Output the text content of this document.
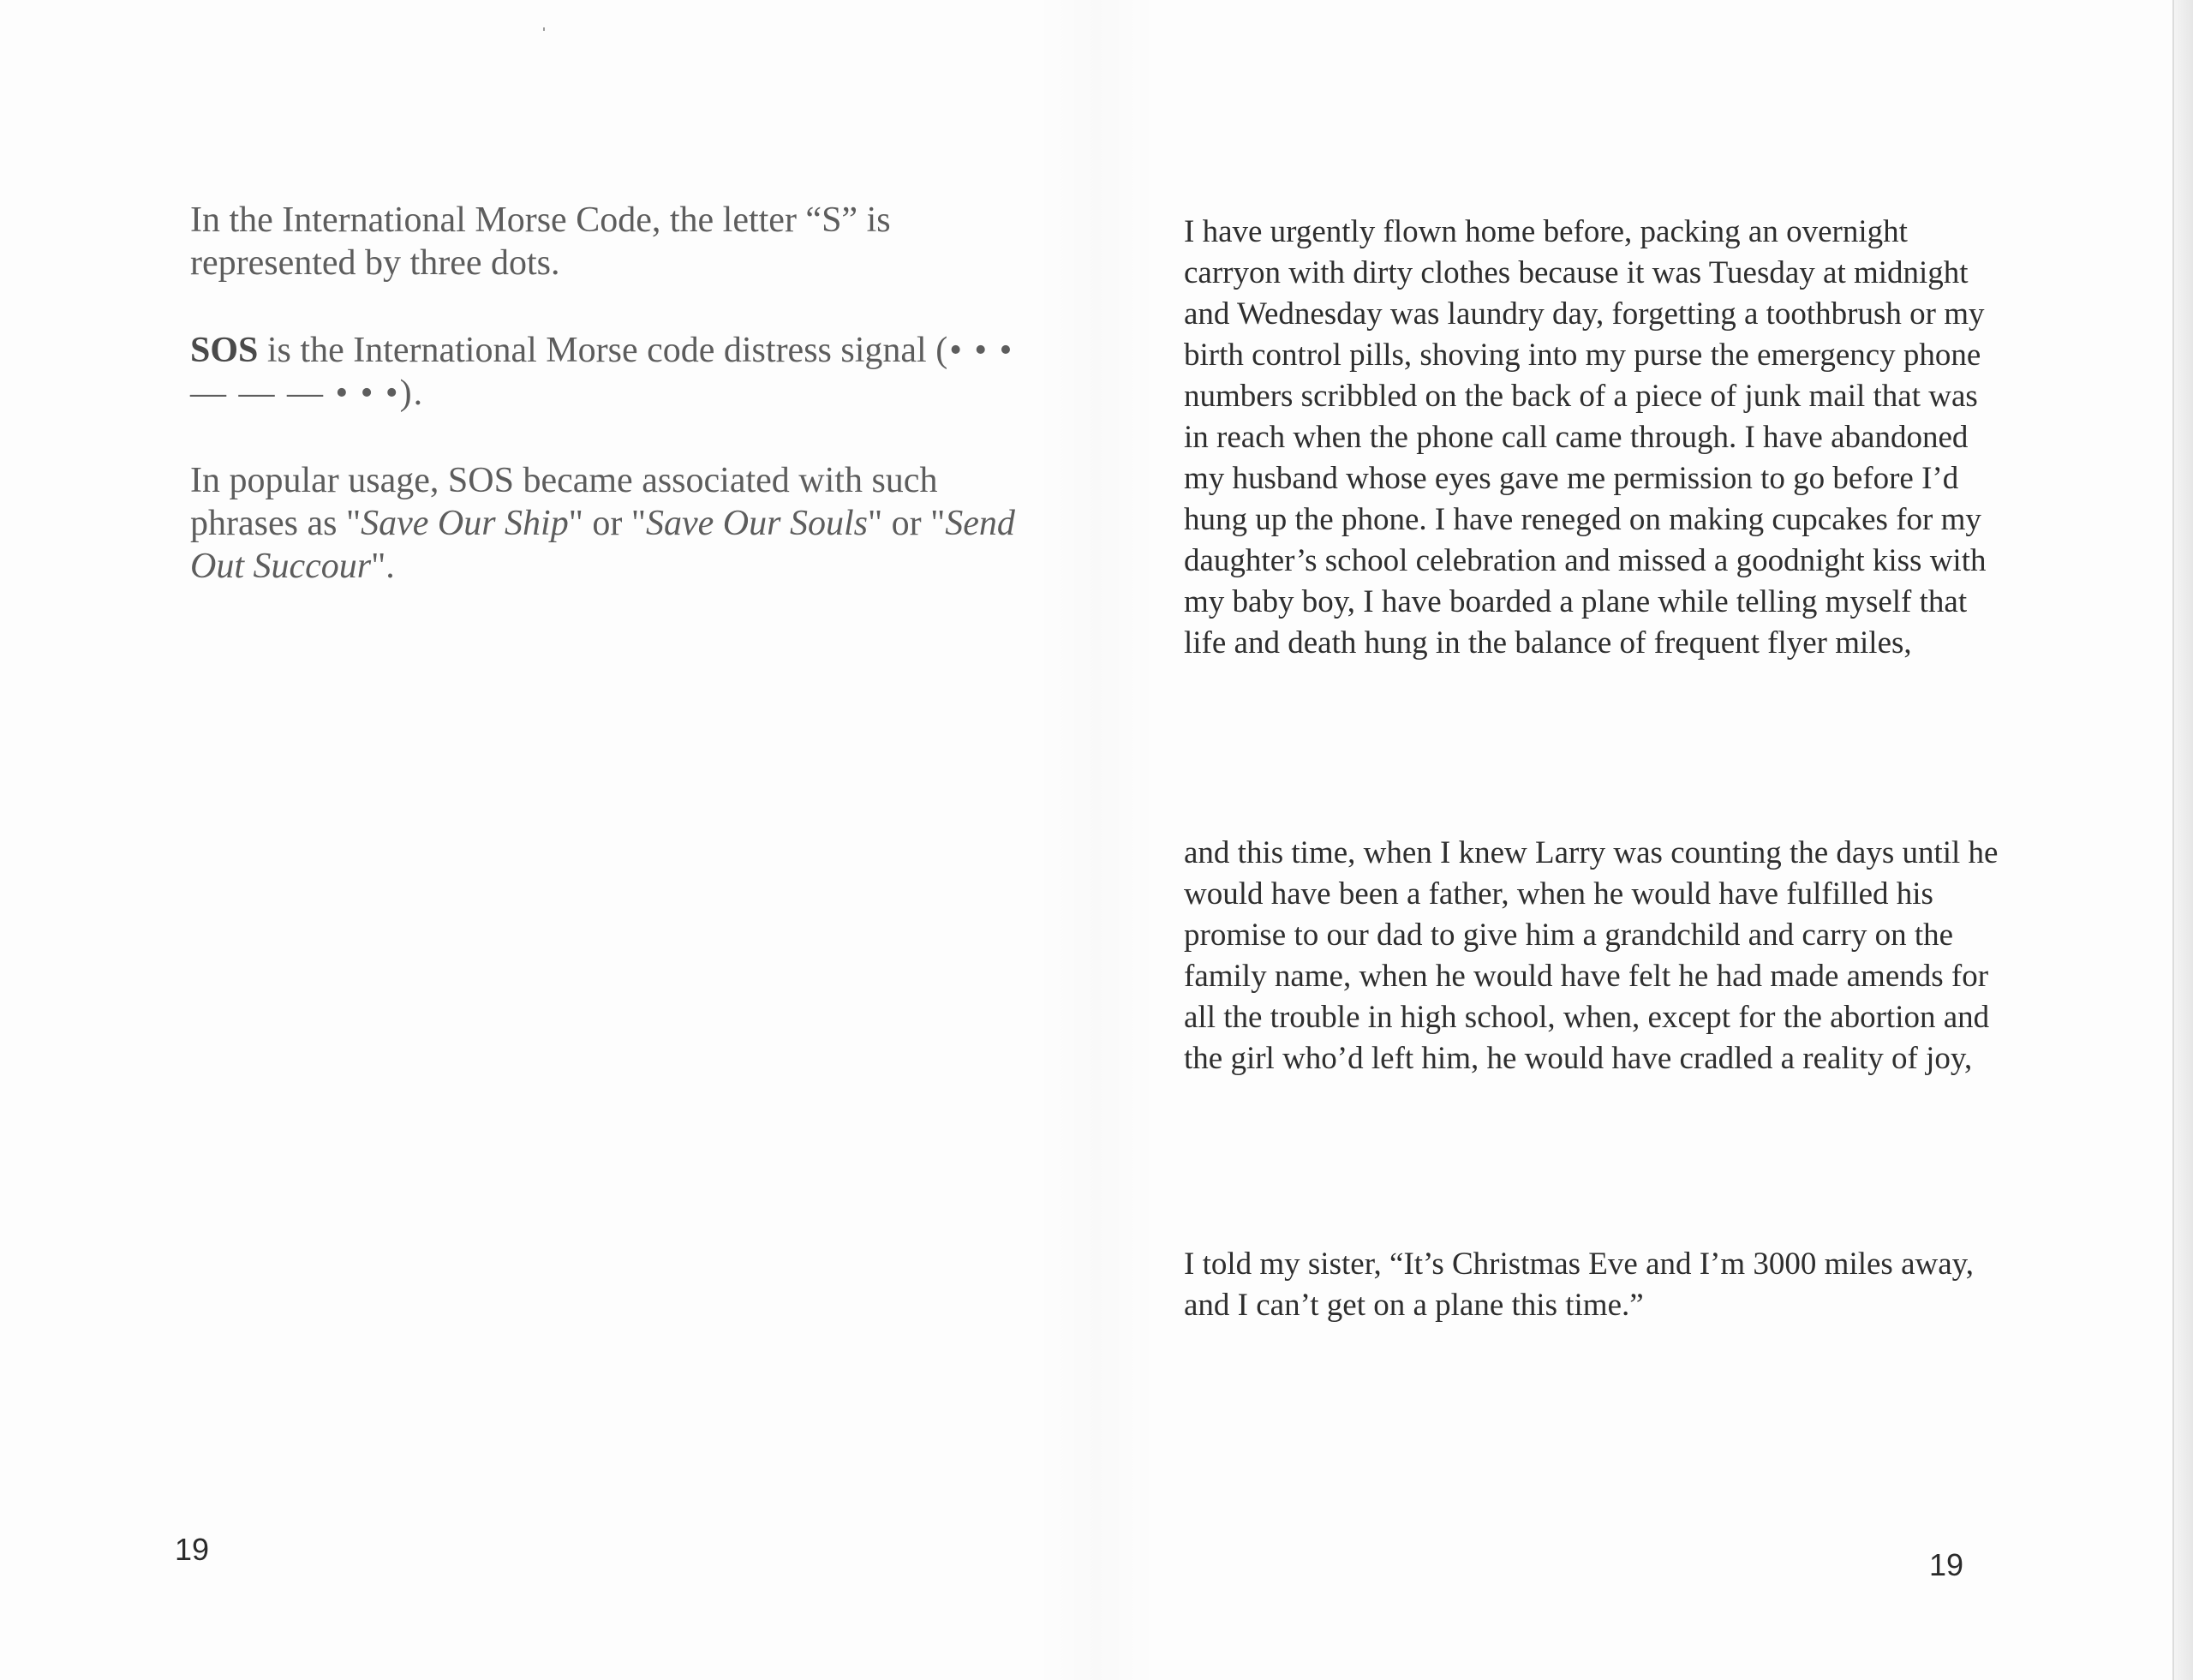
In the International Morse Code, the letter “S” is represented by three dots.

SOS is the International Morse code distress signal (• • • — — — • • •).

In popular usage, SOS became associated with such phrases as "Save Our Ship" or "Save Our Souls" or "Send Out Succour".

19

I have urgently flown home before, packing an overnight carryon with dirty clothes because it was Tuesday at midnight and Wednesday was laundry day, forgetting a toothbrush or my birth control pills, shoving into my purse the emergency phone numbers scribbled on the back of a piece of junk mail that was in reach when the phone call came through. I have abandoned my husband whose eyes gave me permission to go before I’d hung up the phone. I have reneged on making cupcakes for my daughter’s school celebration and missed a goodnight kiss with my baby boy, I have boarded a plane while telling myself that life and death hung in the balance of frequent flyer miles,

and this time, when I knew Larry was counting the days until he would have been a father, when he would have fulfilled his promise to our dad to give him a grandchild and carry on the family name, when he would have felt he had made amends for all the trouble in high school, when, except for the abortion and the girl who’d left him, he would have cradled a reality of joy,

I told my sister, “It’s Christmas Eve and I’m 3000 miles away, and I can’t get on a plane this time.”

19
